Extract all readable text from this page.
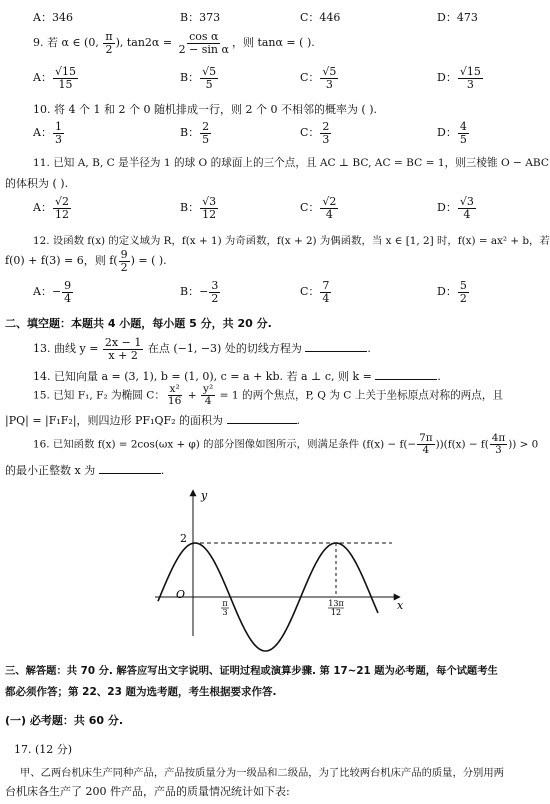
A：346	B：373	C：446	D：473
9. 若 α ∈ (0, $\frac{\pi}{2}$ ), $\tan 2\alpha = \frac{\text{cos α}}{\text{2 − sin α}}$ ，则 tanα = ( ).
A： $\frac{√15}{15}$	B： $\frac{√5}{5}$	C： $\frac{√5}{3}$	D： $\frac{√15}{3}$
10. 将 4 个 1 和 2 个 0 随机排成一行，则 2 个 0 不相邻的概率为 ( ).
A： $\frac{1}{3}$	B： $\frac{2}{5}$	C： $\frac{2}{3}$	D： $\frac{4}{5}$
11. 已知 A, B, C 是半径为 1 的球 O 的球面上的三个点，且 AC ⊥ BC, AC = BC = 1，则三棱锥 O − ABC
的体积为 ( ).
A： $\frac{√2}{12}$	B： $\frac{√3}{12}$	C： $\frac{√2}{4}$	D： $\frac{√3}{4}$
12. 设函数 f(x) 的定义域为 R，f(x + 1) 为奇函数，f(x + 2) 为偶函数，当 x ∈ [1, 2] 时，f(x) = ax² + b，若
f(0) + f(3) = 6，则 $f( \frac{9}{2}$ ) = ( ).
A：− $\frac{9}{4}$	B：− $\frac{3}{2}$	C： $\frac{7}{4}$	D： $\frac{5}{2}$
二、填空题：本题共 4 小题，每小题 5 分，共 20 分.
13. 曲线 $y = \frac{2x - 1}{x + 2}$ 在点 (−1, −3) 处的切线方程为	.
14. 已知向量 a = (3, 1), b = (1, 0), c = a + kb. 若 a ⊥ c, 则 k =	.
15. 已知 F₁, F₂ 为椭圆 C： $\frac{\text{x²}}{16} + \frac{\text{y²}}{4} = 1$ 的两个焦点，P, Q 为 C 上关于坐标原点对称的两点，且
|PQ| = |F₁F₂|，则四边形 PF₁QF₂ 的面积为	.
16. 已知函数 f(x) = 2cos(ωx + φ) 的部分图像如图所示，则满足条件 $(f(x) - f(- \frac{7\pi}{4} ))(f(x) - f( \frac{4\pi}{3}$ )) > 0
的最小正整数 x 为	.
y
x
O
2
π
3
13π
12
三、解答题：共 70 分. 解答应写出文字说明、证明过程或演算步骤. 第 17~21 题为必考题，每个试题考生
都必须作答；第 22、23 题为选考题，考生根据要求作答.
(一) 必考题：共 60 分.
17. (12 分)
甲、乙两台机床生产同种产品，产品按质量分为一级品和二级品，为了比较两台机床产品的质量，分别用两
台机床各生产了 200 件产品，产品的质量情况统计如下表:
